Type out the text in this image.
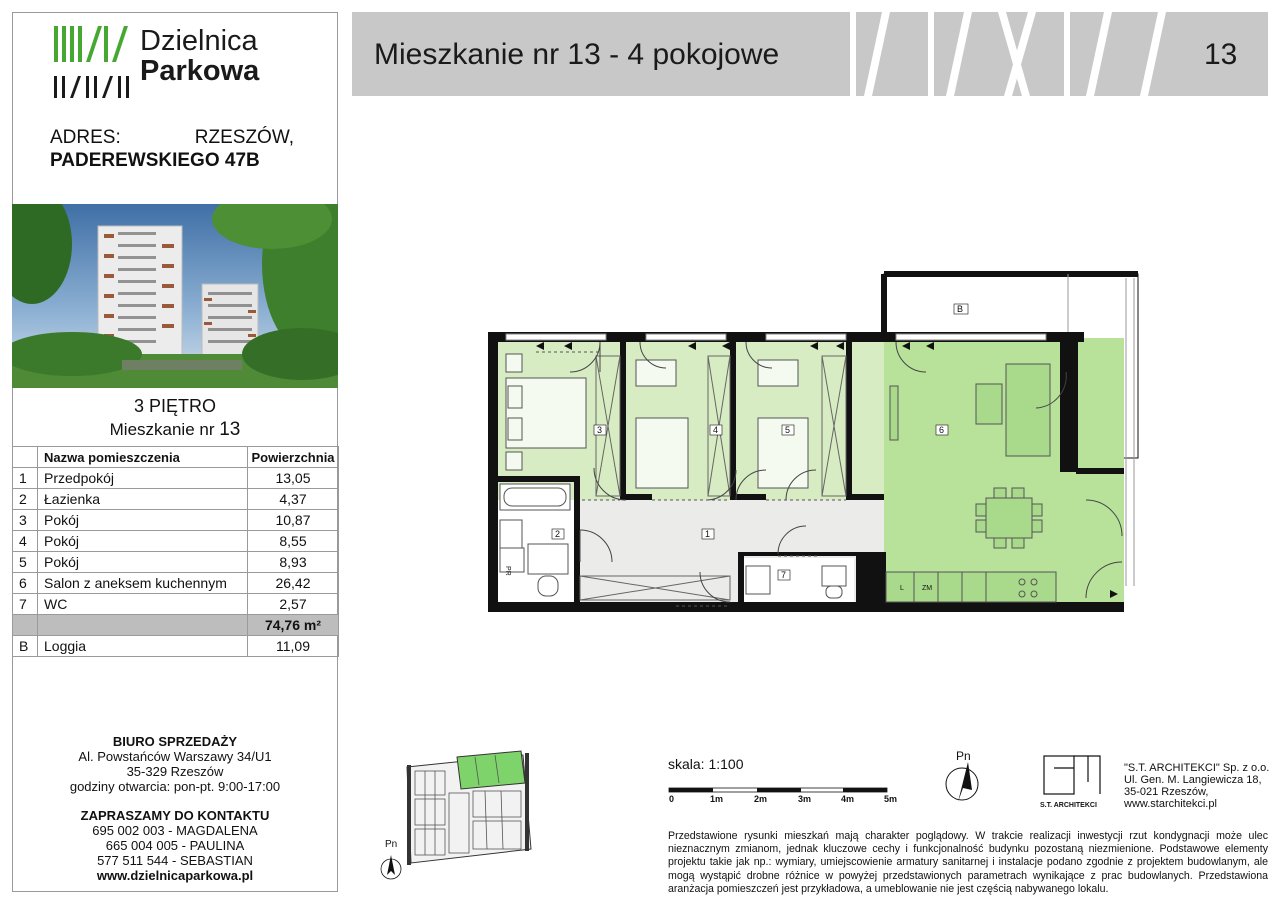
Dzielnica
Parkowa
ADRES:	RZESZÓW,
PADEREWSKIEGO 47B
3 PIĘTRO
Mieszkanie nr 13
	Nazwa pomieszczenia	Powierzchnia
1	Przedpokój	13,05
2	Łazienka	4,37
3	Pokój	10,87
4	Pokój	8,55
5	Pokój	8,93
6	Salon z aneksem kuchennym	26,42
7	WC	2,57
		74,76 m²
B	Loggia	11,09
BIURO SPRZEDAŻY
Al. Powstańców Warszawy 34/U1
35-329 Rzeszów
godziny otwarcia: pon-pt. 9:00-17:00
ZAPRASZAMY DO KONTAKTU
695 002 003 - MAGDALENA
665 004 005 - PAULINA
577 511 544 - SEBASTIAN
www.dzielnicaparkowa.pl
Mieszkanie nr 13 - 4 pokojowe	13
3	4	5	6
1
2
7
B
PR
L	ZM
Pn
skala: 1:100
0	1m	2m	3m	4m	5m
Pn
S.T. ARCHITEKCI
"S.T. ARCHITEKCI" Sp. z o.o.
Ul. Gen. M. Langiewicza 18,
35-021 Rzeszów,
www.starchitekci.pl
Przedstawione rysunki mieszkań mają charakter poglądowy. W trakcie realizacji inwestycji rzut kondygnacji może ulec nieznacznym zmianom, jednak kluczowe cechy i funkcjonalność budynku pozostaną niezmienione. Podstawowe elementy projektu takie jak np.: wymiary, umiejscowienie armatury sanitarnej i instalacje podano zgodnie z projektem budowlanym, ale mogą wystąpić drobne różnice w powyżej przedstawionych parametrach wynikające z prac budowlanych. Przedstawiona aranżacja pomieszczeń jest przykładowa, a umeblowanie nie jest częścią nabywanego lokalu.
